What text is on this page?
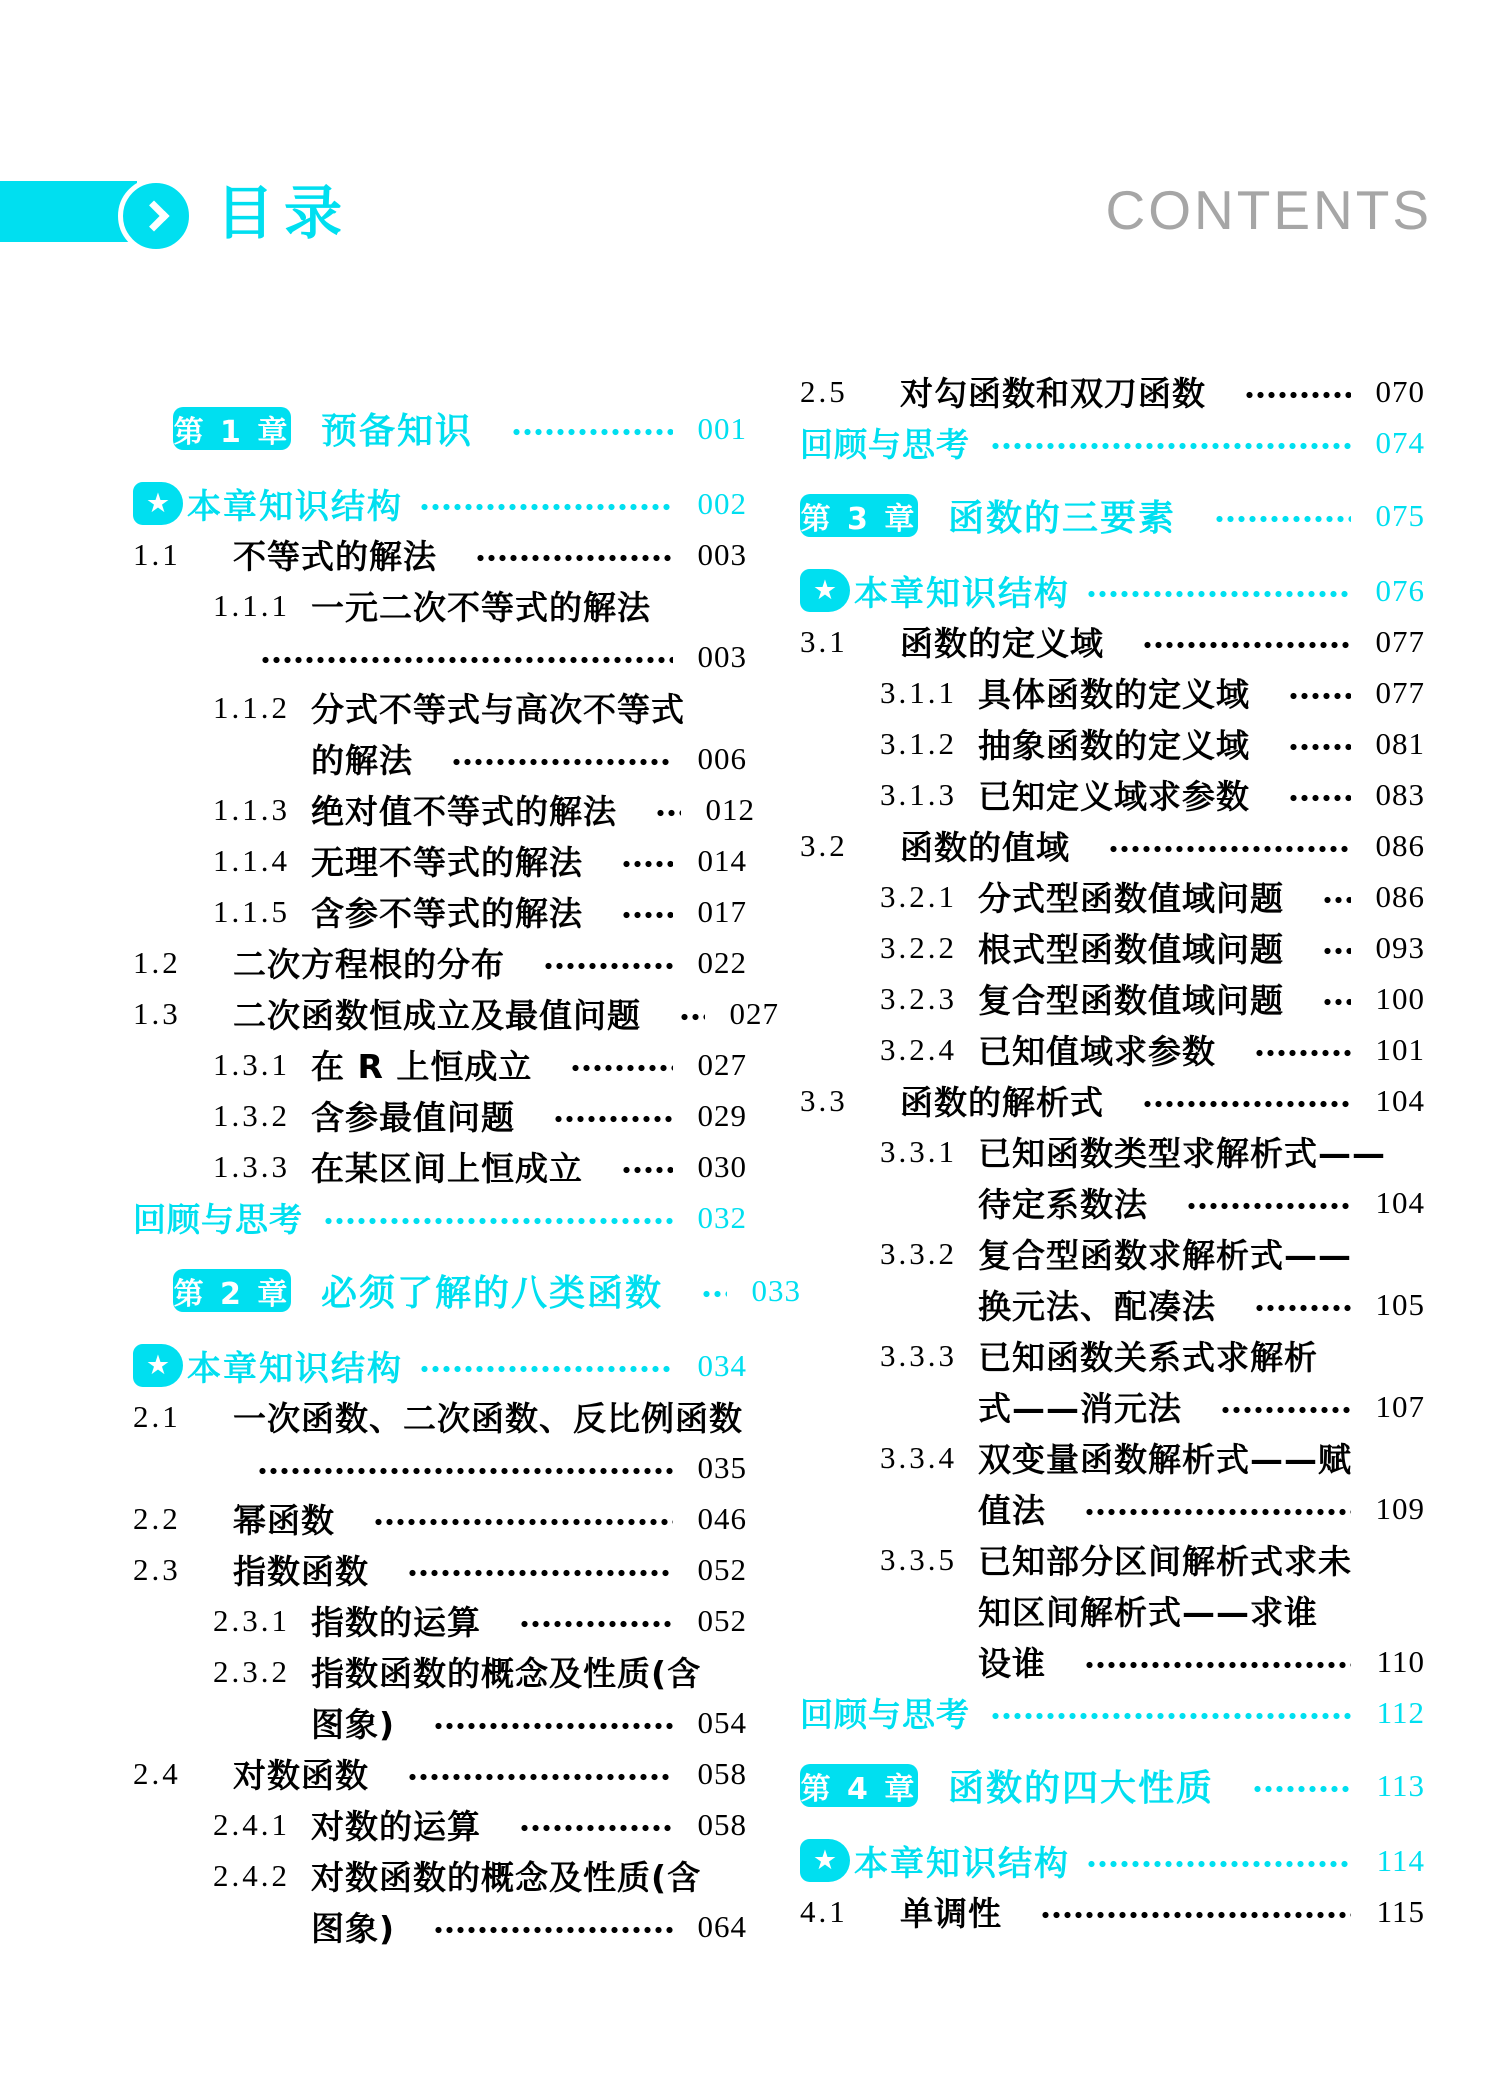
目录	CONTENTS
第 1 章 预备知识	001
★ 本章知识结构	002
1.1	不等式的解法	003
1.1.1 一元二次不等式的解法
003
1.1.2 分式不等式与高次不等式
的解法	006
1.1.3 绝对值不等式的解法	012
1.1.4 无理不等式的解法	014
1.1.5 含参不等式的解法	017
1.2	二次方程根的分布	022
1.3	二次函数恒成立及最值问题	027
1.3.1 在 R 上恒成立	027
1.3.2 含参最值问题	029
1.3.3 在某区间上恒成立	030
回顾与思考	032
第 2 章 必须了解的八类函数	033
★ 本章知识结构	034
2.1	一次函数、二次函数、反比例函数
035
2.2	幂函数	046
2.3	指数函数	052
2.3.1 指数的运算	052
2.3.2 指数函数的概念及性质(含
图象)	054
2.4	对数函数	058
2.4.1 对数的运算	058
2.4.2 对数函数的概念及性质(含
图象)	064
2.5	对勾函数和双刀函数	070
回顾与思考	074
第 3 章 函数的三要素	075
★ 本章知识结构	076
3.1	函数的定义域	077
3.1.1 具体函数的定义域	077
3.1.2 抽象函数的定义域	081
3.1.3 已知定义域求参数	083
3.2	函数的值域	086
3.2.1 分式型函数值域问题	086
3.2.2 根式型函数值域问题	093
3.2.3 复合型函数值域问题	100
3.2.4 已知值域求参数	101
3.3	函数的解析式	104
3.3.1 已知函数类型求解析式——
待定系数法	104
3.3.2 复合型函数求解析式——
换元法、配凑法	105
3.3.3 已知函数关系式求解析
式——消元法	107
3.3.4 双变量函数解析式——赋
值法	109
3.3.5 已知部分区间解析式求未
知区间解析式——求谁
设谁	110
回顾与思考	112
第 4 章 函数的四大性质	113
★ 本章知识结构	114
4.1	单调性	115
